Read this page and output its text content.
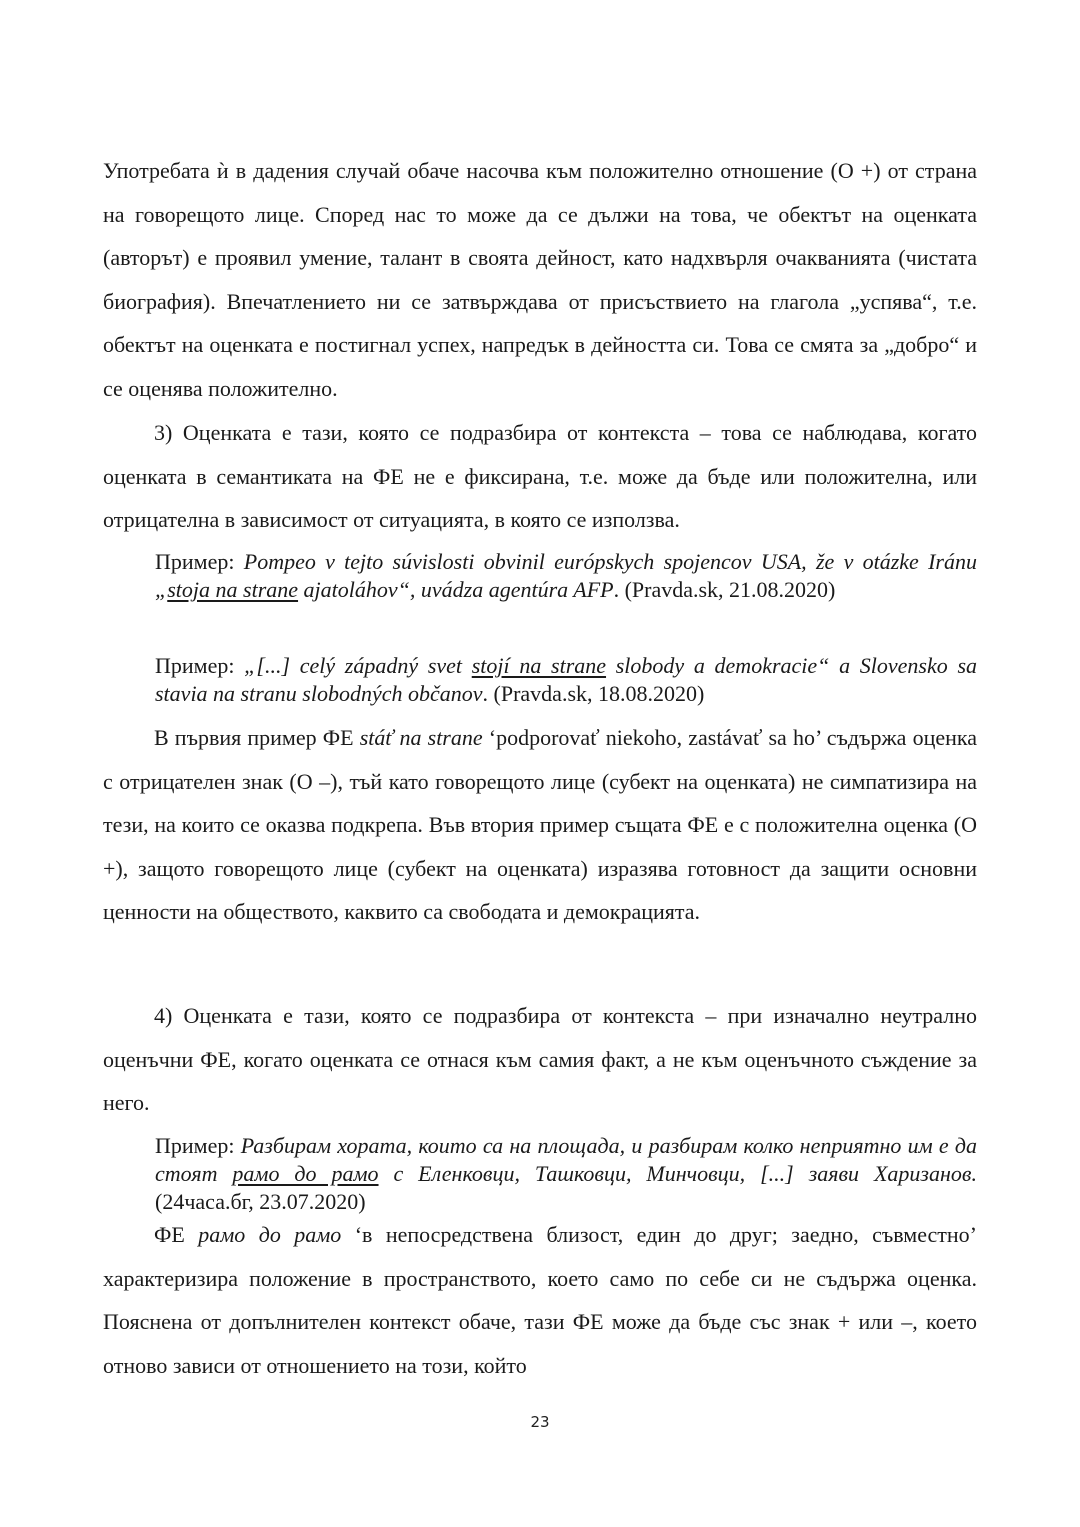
Употребата ѝ в дадения случай обаче насочва към положително отношение (О +) от страна на говорещото лице. Според нас то може да се дължи на това, че обектът на оценката (авторът) е проявил умение, талант в своята дейност, като надхвърля очакванията (чистата биография). Впечатлението ни се затвърждава от присъствието на глагола „успява“, т.е. обектът на оценката е постигнал успех, напредък в дейността си. Това се смята за „добро“ и се оценява положително.

3) Оценката е тази, която се подразбира от контекста – това се наблюдава, когато оценката в семантиката на ФЕ не е фиксирана, т.е. може да бъде или положителна, или отрицателна в зависимост от ситуацията, в която се използва.

Пример: Pompeo v tejto súvislosti obvinil európskych spojencov USA, že v otázke Iránu „stoja na strane ajatoláhov“, uvádza agentúra AFP. (Pravda.sk, 21.08.2020)

Пример: „[...] celý západný svet stojí na strane slobody a demokracie“ a Slovensko sa stavia na stranu slobodných občanov. (Pravda.sk, 18.08.2020)

В първия пример ФЕ stáť na strane ‘podporovať niekoho, zastávať sa ho’ съдържа оценка с отрицателен знак (О –), тъй като говорещото лице (субект на оценката) не симпатизира на тези, на които се оказва подкрепа. Във втория пример същата ФЕ е с положителна оценка (О +), защото говорещото лице (субект на оценката) изразява готовност да защити основни ценности на обществото, каквито са свободата и демокрацията.

4) Оценката е тази, която се подразбира от контекста – при изначално неутрално оценъчни ФЕ, когато оценката се отнася към самия факт, а не към оценъчното съждение за него.

Пример: Разбирам хората, които са на площада, и разбирам колко неприятно им е да стоят рамо до рамо с Еленковци, Ташковци, Минчовци, [...] заяви Харизанов. (24часа.бг, 23.07.2020)

ФЕ рамо до рамо ‘в непосредствена близост, един до друг; заедно, съвместно’ характеризира положение в пространството, което само по себе си не съдържа оценка. Пояснена от допълнителен контекст обаче, тази ФЕ може да бъде със знак + или –, което отново зависи от отношението на този, който

23
